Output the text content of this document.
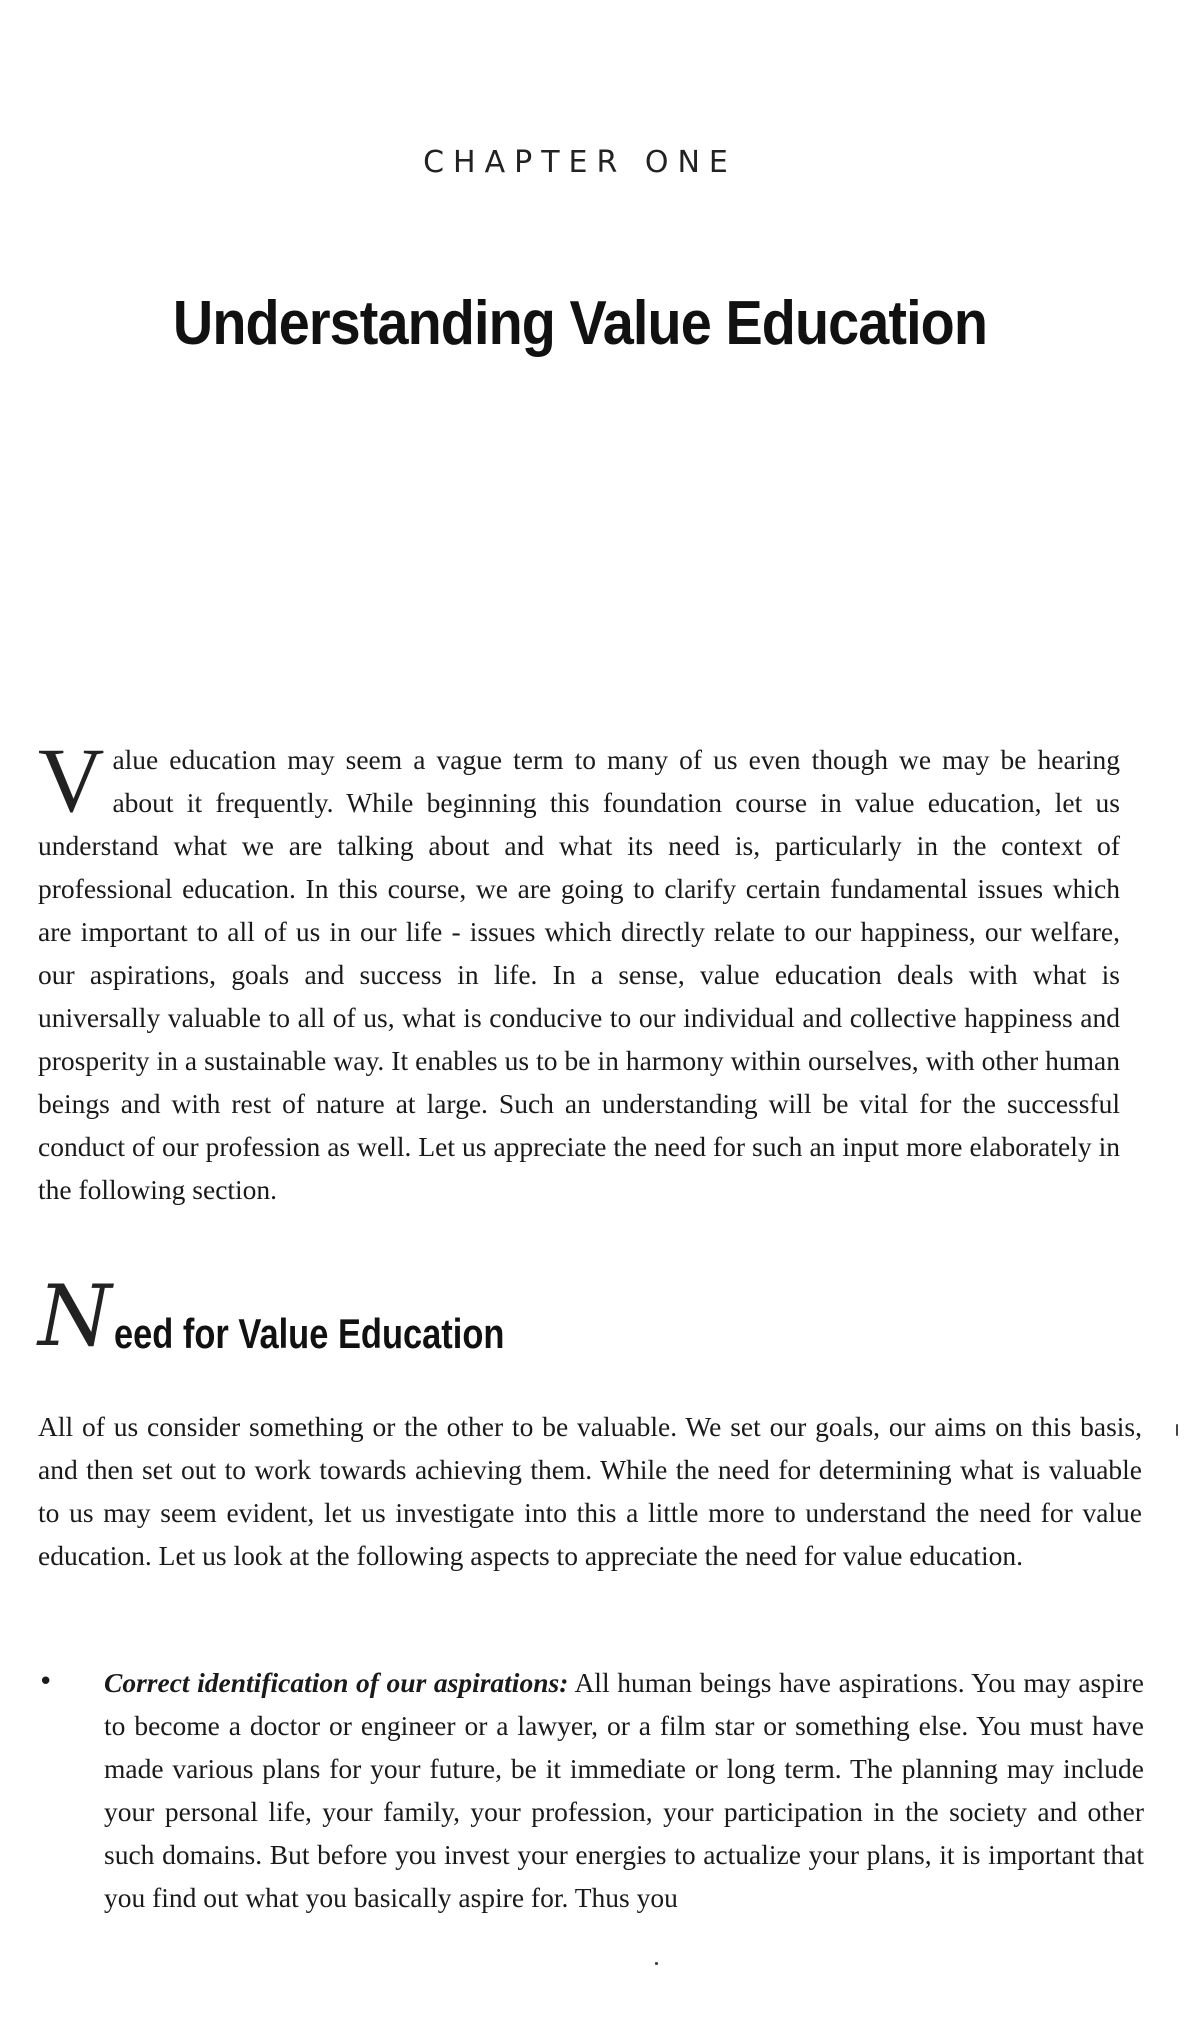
CHAPTER ONE
Understanding Value Education
Value education may seem a vague term to many of us even though we may be hearing about it frequently. While beginning this foundation course in value education, let us understand what we are talking about and what its need is, particularly in the context of professional education. In this course, we are going to clarify certain fundamental issues which are important to all of us in our life - issues which directly relate to our happiness, our welfare, our aspirations, goals and success in life. In a sense, value education deals with what is universally valuable to all of us, what is conducive to our individual and collective happiness and prosperity in a sustainable way. It enables us to be in harmony within ourselves, with other human beings and with rest of nature at large. Such an understanding will be vital for the successful conduct of our profession as well. Let us appreciate the need for such an input more elaborately in the following section.
N eed for Value Education
All of us consider something or the other to be valuable. We set our goals, our aims on this basis, and then set out to work towards achieving them. While the need for determining what is valuable to us may seem evident, let us investigate into this a little more to understand the need for value education. Let us look at the following aspects to appreciate the need for value education.
•	Correct identification of our aspirations: All human beings have aspirations. You may aspire to become a doctor or engineer or a lawyer, or a film star or something else. You must have made various plans for your future, be it immediate or long term. The planning may include your personal life, your family, your profession, your participation in the society and other such domains. But before you invest your energies to actualize your plans, it is important that you find out what you basically aspire for. Thus you
